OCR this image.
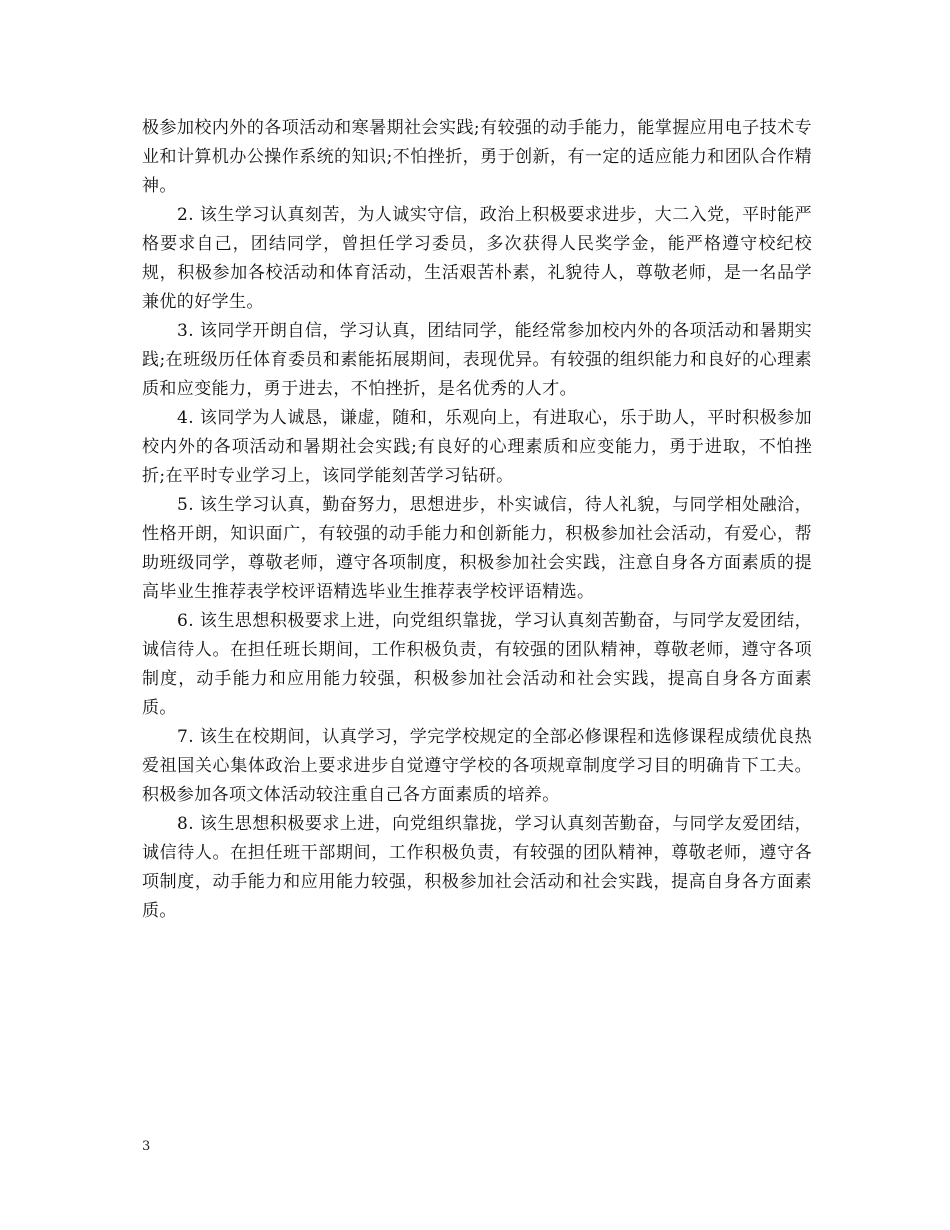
极参加校内外的各项活动和寒暑期社会实践;有较强的动手能力，能掌握应用电子技术专业和计算机办公操作系统的知识;不怕挫折，勇于创新，有一定的适应能力和团队合作精神。

　　2. 该生学习认真刻苦，为人诚实守信，政治上积极要求进步，大二入党，平时能严格要求自己，团结同学，曾担任学习委员，多次获得人民奖学金，能严格遵守校纪校规，积极参加各校活动和体育活动，生活艰苦朴素，礼貌待人，尊敬老师，是一名品学兼优的好学生。

　　3. 该同学开朗自信，学习认真，团结同学，能经常参加校内外的各项活动和暑期实践;在班级历任体育委员和素能拓展期间，表现优异。有较强的组织能力和良好的心理素质和应变能力，勇于进去，不怕挫折，是名优秀的人才。

　　4. 该同学为人诚恳，谦虚，随和，乐观向上，有进取心，乐于助人，平时积极参加校内外的各项活动和暑期社会实践;有良好的心理素质和应变能力，勇于进取，不怕挫折;在平时专业学习上，该同学能刻苦学习钻研。

　　5. 该生学习认真，勤奋努力，思想进步，朴实诚信，待人礼貌，与同学相处融洽，性格开朗，知识面广，有较强的动手能力和创新能力，积极参加社会活动，有爱心，帮助班级同学，尊敬老师，遵守各项制度，积极参加社会实践，注意自身各方面素质的提高毕业生推荐表学校评语精选毕业生推荐表学校评语精选。

　　6. 该生思想积极要求上进，向党组织靠拢，学习认真刻苦勤奋，与同学友爱团结，诚信待人。在担任班长期间，工作积极负责，有较强的团队精神，尊敬老师，遵守各项制度，动手能力和应用能力较强，积极参加社会活动和社会实践，提高自身各方面素质。

　　7. 该生在校期间，认真学习，学完学校规定的全部必修课程和选修课程成绩优良热爱祖国关心集体政治上要求进步自觉遵守学校的各项规章制度学习目的明确肯下工夫。积极参加各项文体活动较注重自己各方面素质的培养。

　　8. 该生思想积极要求上进，向党组织靠拢，学习认真刻苦勤奋，与同学友爱团结，诚信待人。在担任班干部期间，工作积极负责，有较强的团队精神，尊敬老师，遵守各项制度，动手能力和应用能力较强，积极参加社会活动和社会实践，提高自身各方面素质。

3
